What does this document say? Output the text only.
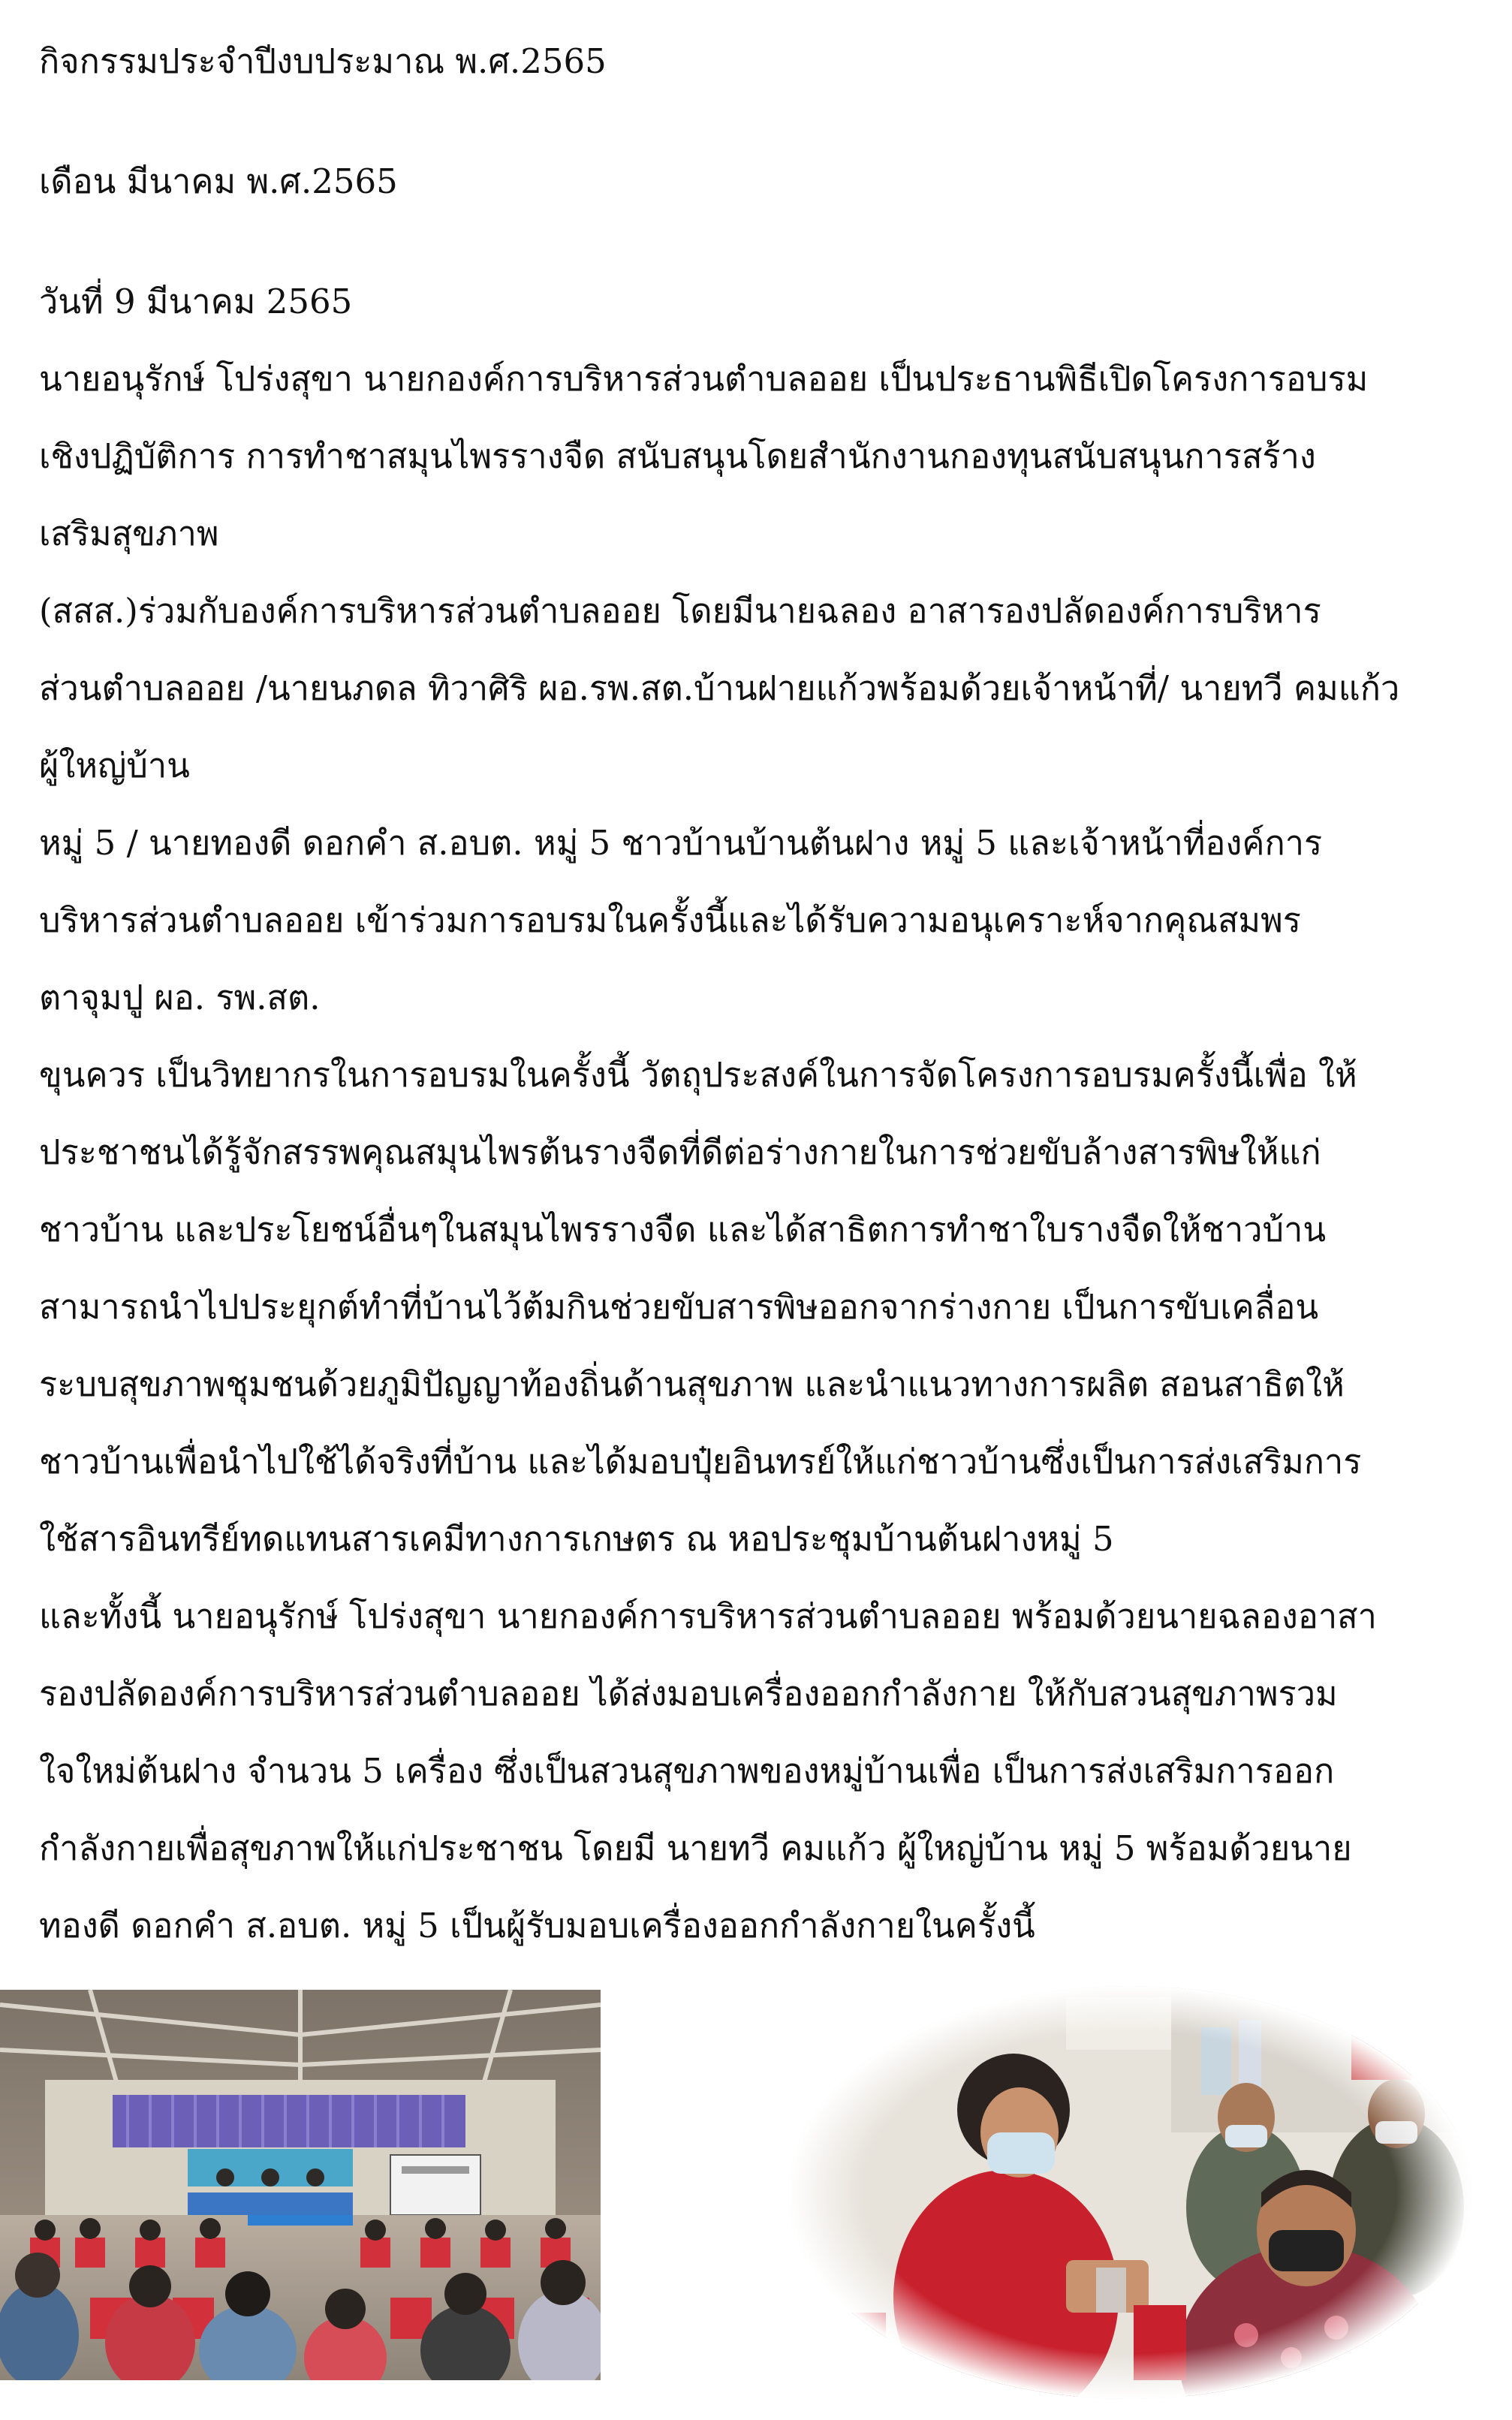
กิจกรรมประจำปีงบประมาณ พ.ศ.2565
เดือน มีนาคม พ.ศ.2565
วันที่ 9 มีนาคม 2565
นายอนุรักษ์ โปร่งสุขา นายกองค์การบริหารส่วนตำบลออย เป็นประธานพิธีเปิดโครงการอบรม
เชิงปฏิบัติการ การทำชาสมุนไพรรางจืด สนับสนุนโดยสำนักงานกองทุนสนับสนุนการสร้าง
เสริมสุขภาพ
(สสส.)ร่วมกับองค์การบริหารส่วนตำบลออย โดยมีนายฉลอง อาสารองปลัดองค์การบริหาร
ส่วนตำบลออย /นายนภดล ทิวาศิริ ผอ.รพ.สต.บ้านฝายแก้วพร้อมด้วยเจ้าหน้าที่/ นายทวี คมแก้ว
ผู้ใหญ่บ้าน
หมู่ 5 / นายทองดี ดอกคำ ส.อบต. หมู่ 5 ชาวบ้านบ้านต้นฝาง หมู่ 5 และเจ้าหน้าที่องค์การ
บริหารส่วนตำบลออย เข้าร่วมการอบรมในครั้งนี้และได้รับความอนุเคราะห์จากคุณสมพร
ตาจุมปู ผอ. รพ.สต.
ขุนควร เป็นวิทยากรในการอบรมในครั้งนี้ วัตถุประสงค์ในการจัดโครงการอบรมครั้งนี้เพื่อ ให้
ประชาชนได้รู้จักสรรพคุณสมุนไพรต้นรางจืดที่ดีต่อร่างกายในการช่วยขับล้างสารพิษให้แก่
ชาวบ้าน และประโยชน์อื่นๆในสมุนไพรรางจืด และได้สาธิตการทำชาใบรางจืดให้ชาวบ้าน
สามารถนำไปประยุกต์ทำที่บ้านไว้ต้มกินช่วยขับสารพิษออกจากร่างกาย เป็นการขับเคลื่อน
ระบบสุขภาพชุมชนด้วยภูมิปัญญาท้องถิ่นด้านสุขภาพ และนำแนวทางการผลิต สอนสาธิตให้
ชาวบ้านเพื่อนำไปใช้ได้จริงที่บ้าน และได้มอบปุ๋ยอินทรย์ให้แก่ชาวบ้านซึ่งเป็นการส่งเสริมการ
ใช้สารอินทรีย์ทดแทนสารเคมีทางการเกษตร ณ หอประชุมบ้านต้นฝางหมู่ 5
และทั้งนี้ นายอนุรักษ์ โปร่งสุขา นายกองค์การบริหารส่วนตำบลออย พร้อมด้วยนายฉลองอาสา
รองปลัดองค์การบริหารส่วนตำบลออย ได้ส่งมอบเครื่องออกกำลังกาย ให้กับสวนสุขภาพรวม
ใจใหม่ต้นฝาง จำนวน 5 เครื่อง ซึ่งเป็นสวนสุขภาพของหมู่บ้านเพื่อ เป็นการส่งเสริมการออก
กำลังกายเพื่อสุขภาพให้แก่ประชาชน โดยมี นายทวี คมแก้ว ผู้ใหญ่บ้าน หมู่ 5 พร้อมด้วยนาย
ทองดี ดอกคำ ส.อบต. หมู่ 5 เป็นผู้รับมอบเครื่องออกกำลังกายในครั้งนี้
